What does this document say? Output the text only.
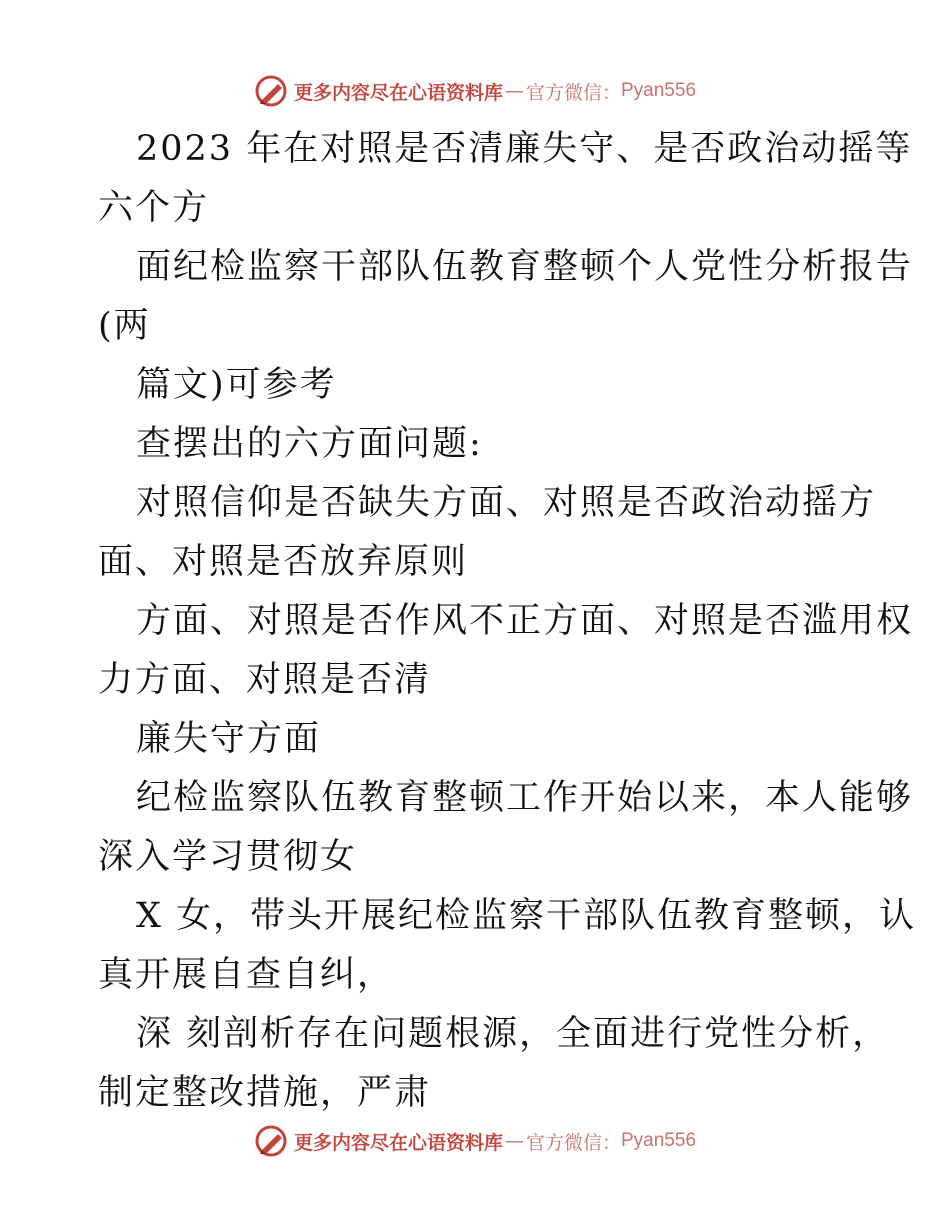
更多内容尽在心语资料库 — 官方微信： Pyan556
2023 年在对照是否清廉失守、是否政治动摇等
六个方
面纪检监察干部队伍教育整顿个人党性分析报告
(两
篇文)可参考
查摆出的六方面问题:
对照信仰是否缺失方面、对照是否政治动摇方
面、对照是否放弃原则
方面、对照是否作风不正方面、对照是否滥用权
力方面、对照是否清
廉失守方面
纪检监察队伍教育整顿工作开始以来，本人能够
深入学习贯彻女
X 女，带头开展纪检监察干部队伍教育整顿，认
真开展自查自纠，
深 刻剖析存在问题根源，全面进行党性分析，
制定整改措施，严肃
更多内容尽在心语资料库 — 官方微信： Pyan556
